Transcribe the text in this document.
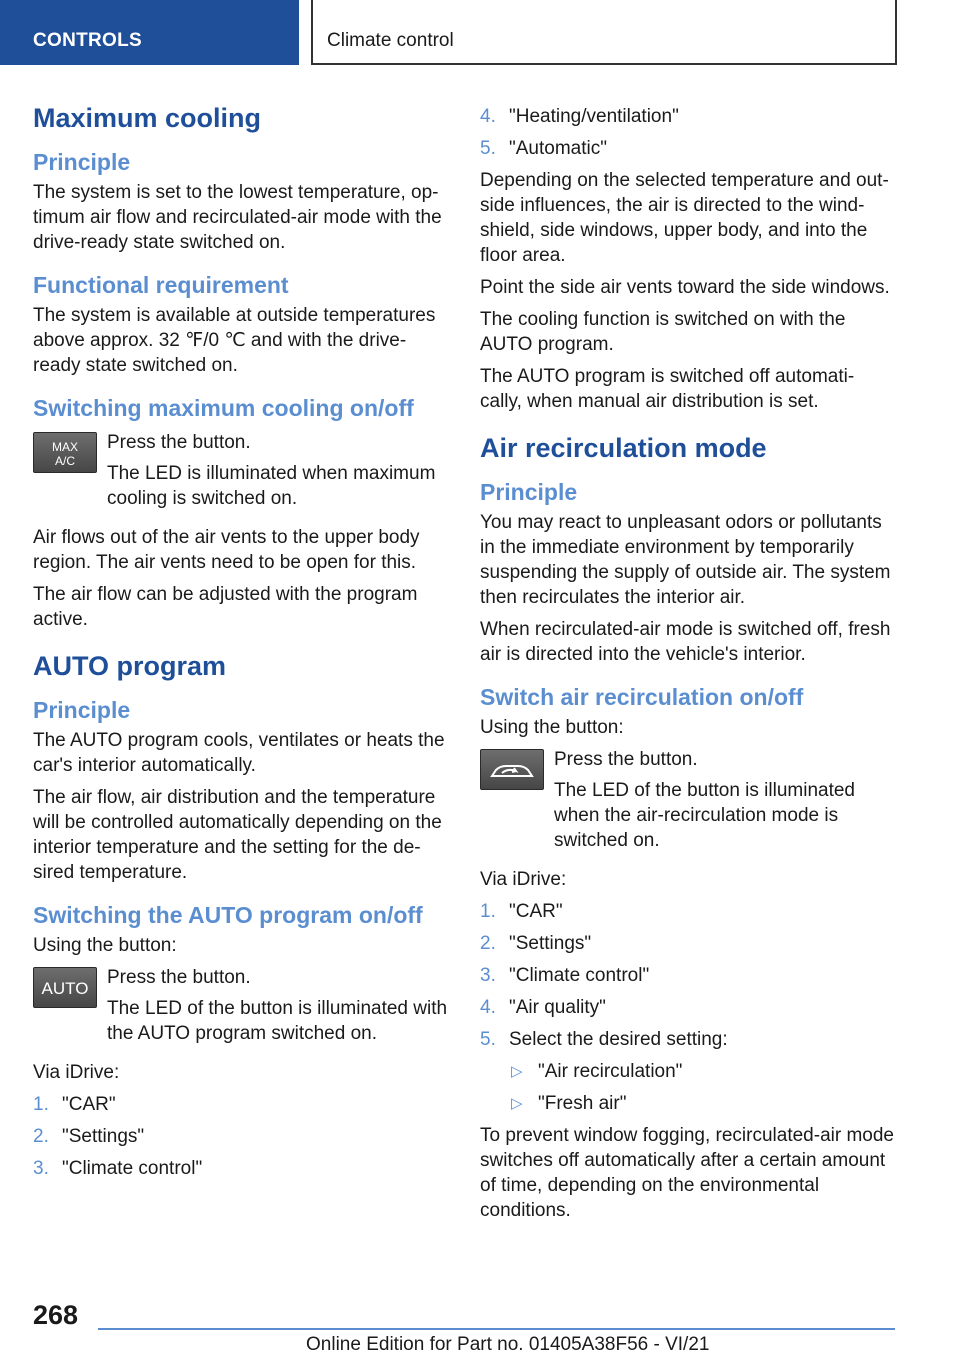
CONTROLS	Climate control
Maximum cooling
Principle

The system is set to the lowest temperature, op‐timum air flow and recirculated-air mode with the drive-ready state switched on.

Functional requirement

The system is available at outside temperatures above approx. 32 ℉/0 ℃ and with the drive-ready state switched on.

Switching maximum cooling on/off
MAX
A/C

Press the button.

The LED is illuminated when maximum cooling is switched on.

Air flows out of the air vents to the upper body region. The air vents need to be open for this.

The air flow can be adjusted with the program active.

AUTO program
Principle

The AUTO program cools, ventilates or heats the car's interior automatically.

The air flow, air distribution and the temperature will be controlled automatically depending on the interior temperature and the setting for the de‐sired temperature.

Switching the AUTO program on/off

Using the button:

AUTO Press the button.

The LED of the button is illuminated with the AUTO program switched on.

Via iDrive:

1. "CAR"
2. "Settings"
3. "Climate control"
4. "Heating/ventilation"
5. "Automatic"

Depending on the selected temperature and out‐side influences, the air is directed to the wind‐shield, side windows, upper body, and into the floor area.

Point the side air vents toward the side windows.

The cooling function is switched on with the AUTO program.

The AUTO program is switched off automati‐cally, when manual air distribution is set.

Air recirculation mode
Principle

You may react to unpleasant odors or pollutants in the immediate environment by temporarily suspending the supply of outside air. The system then recirculates the interior air.

When recirculated-air mode is switched off, fresh air is directed into the vehicle's interior.

Switch air recirculation on/off

Using the button:

Press the button.

The LED of the button is illuminated when the air-recirculation mode is switched on.

Via iDrive:

1. "CAR"
2. "Settings"
3. "Climate control"
4. "Air quality"
5. Select the desired setting:
▷ "Air recirculation"
▷ "Fresh air"

To prevent window fogging, recirculated-air mode switches off automatically after a certain amount of time, depending on the environmental conditions.

268
Online Edition for Part no. 01405A38F56 - VI/21
